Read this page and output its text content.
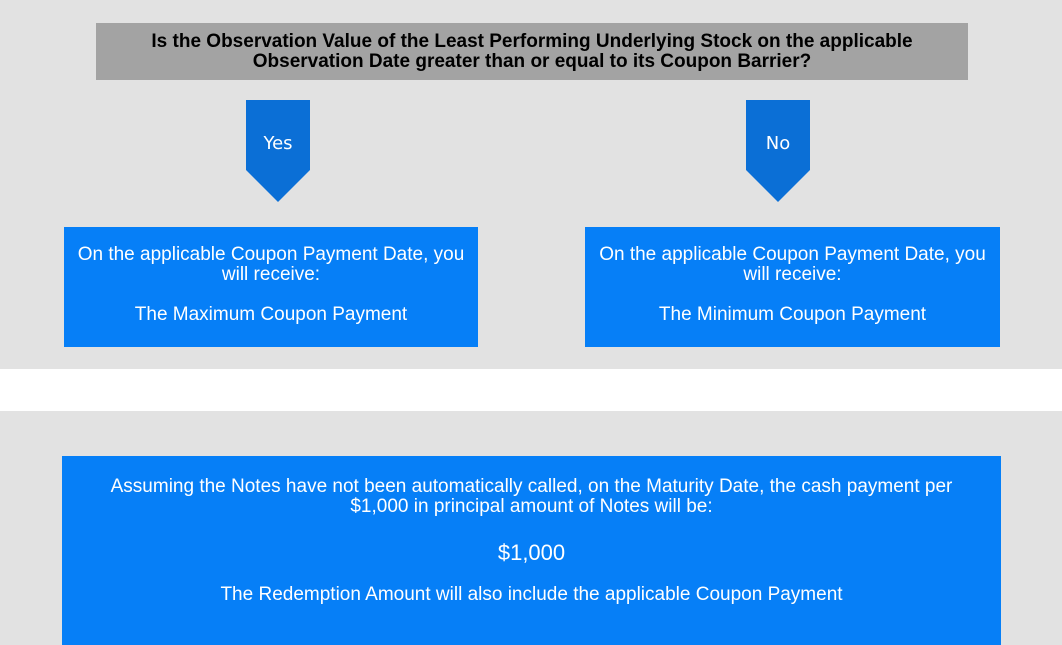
Is the Observation Value of the Least Performing Underlying Stock on the applicable Observation Date greater than or equal to its Coupon Barrier?
Yes	No
On the applicable Coupon Payment Date, you will receive:
The Maximum Coupon Payment
On the applicable Coupon Payment Date, you will receive:
The Minimum Coupon Payment
Assuming the Notes have not been automatically called, on the Maturity Date, the cash payment per $1,000 in principal amount of Notes will be:
$1,000
The Redemption Amount will also include the applicable Coupon Payment
